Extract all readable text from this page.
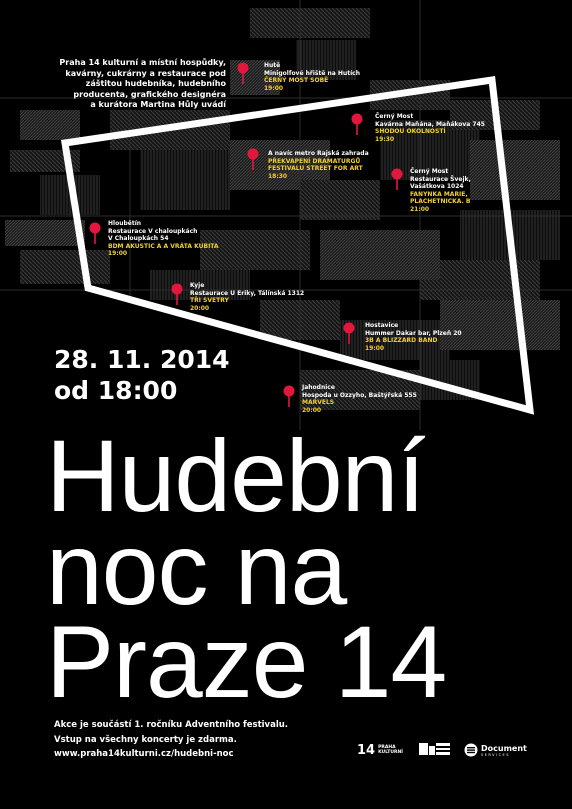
Praha 14 kulturní a místní hospůdky,
kavárny, cukrárny a restaurace pod
záštitou hudebníka, hudebního
producenta, grafického designéra
a kurátora Martina Hůly uvádí
Hutě
Minigolfové hřiště na Hutích
ČERNÝ MOST SOBĚ
19:00
Černý Most
Kavárna Maňána, Maňákova 745
SHODOU OKOLNOSTÍ
19:30
A navíc metro Rajská zahrada
PŘEKVAPENÍ DRAMATURGŮ
FESTIVALU STREET FOR ART
18:30
Černý Most
Restaurace Švejk,
Vašátkova 1024
FANYNKA MARIE,
PLACHETNICKA. B
21:00
Hloubětín
Restaurace V chaloupkách
V Chaloupkách 54
BDM AKUSTIC A A VRÁTA KUBITA
19:00
Kyje
Restaurace U Eriky, Tálínská 1312
TŘI SVETRY
20:00
Hostavice
Hummer Dakar bar, Plzeň 20
3B A BLIZZARD BAND
19:00
Jahodnice
Hospoda u Ozzyho, Baštýřská 555
MARVELS
20:00
28. 11. 2014
od 18:00
Hudební
noc na
Praze 14
Akce je součástí 1. ročníku Adventního festivalu.
Vstup na všechny koncerty je zdarma.
www.praha14kulturni.cz/hudebni-noc	14 PRAHA
KULTURNÍ	Document
SERVICES
